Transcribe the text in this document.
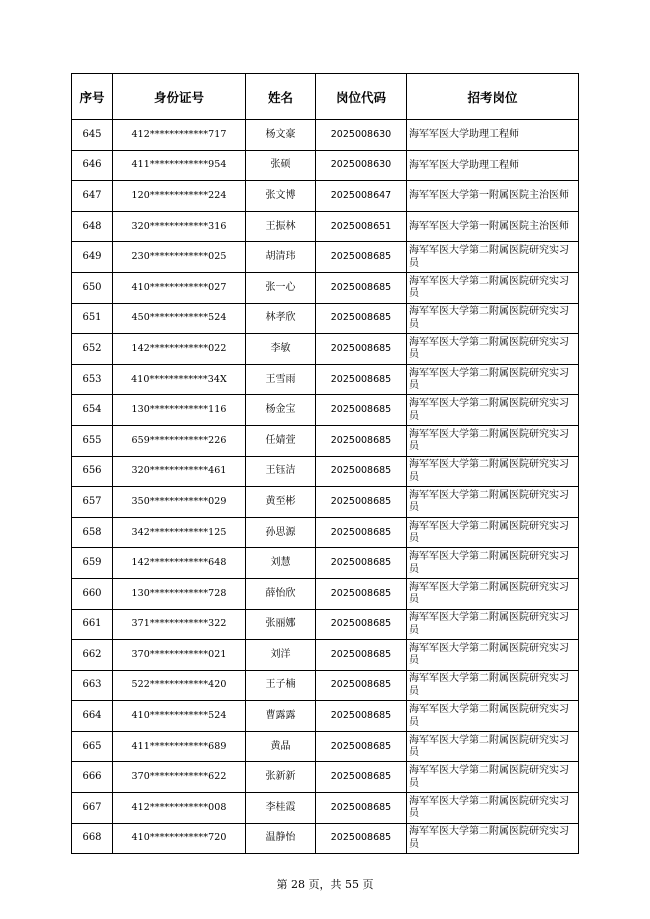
序号	身份证号	姓名	岗位代码	招考岗位
645	412************717	杨文豪	2025008630	海军军医大学助理工程师
646	411************954	张硕	2025008630	海军军医大学助理工程师
647	120************224	张文博	2025008647	海军军医大学第一附属医院主治医师
648	320************316	王振林	2025008651	海军军医大学第一附属医院主治医师
649	230************025	胡清玮	2025008685	海军军医大学第二附属医院研究实习员
650	410************027	张一心	2025008685	海军军医大学第二附属医院研究实习员
651	450************524	林孝欣	2025008685	海军军医大学第二附属医院研究实习员
652	142************022	李敏	2025008685	海军军医大学第二附属医院研究实习员
653	410************34X	王雪雨	2025008685	海军军医大学第二附属医院研究实习员
654	130************116	杨金宝	2025008685	海军军医大学第二附属医院研究实习员
655	659************226	任婧萱	2025008685	海军军医大学第二附属医院研究实习员
656	320************461	王钰洁	2025008685	海军军医大学第二附属医院研究实习员
657	350************029	黄至彬	2025008685	海军军医大学第二附属医院研究实习员
658	342************125	孙思源	2025008685	海军军医大学第二附属医院研究实习员
659	142************648	刘慧	2025008685	海军军医大学第二附属医院研究实习员
660	130************728	薛怡欣	2025008685	海军军医大学第二附属医院研究实习员
661	371************322	张丽娜	2025008685	海军军医大学第二附属医院研究实习员
662	370************021	刘洋	2025008685	海军军医大学第二附属医院研究实习员
663	522************420	王子楠	2025008685	海军军医大学第二附属医院研究实习员
664	410************524	曹露露	2025008685	海军军医大学第二附属医院研究实习员
665	411************689	黄晶	2025008685	海军军医大学第二附属医院研究实习员
666	370************622	张新新	2025008685	海军军医大学第二附属医院研究实习员
667	412************008	李桂霞	2025008685	海军军医大学第二附属医院研究实习员
668	410************720	温静怡	2025008685	海军军医大学第二附属医院研究实习员
第 28 页，共 55 页
